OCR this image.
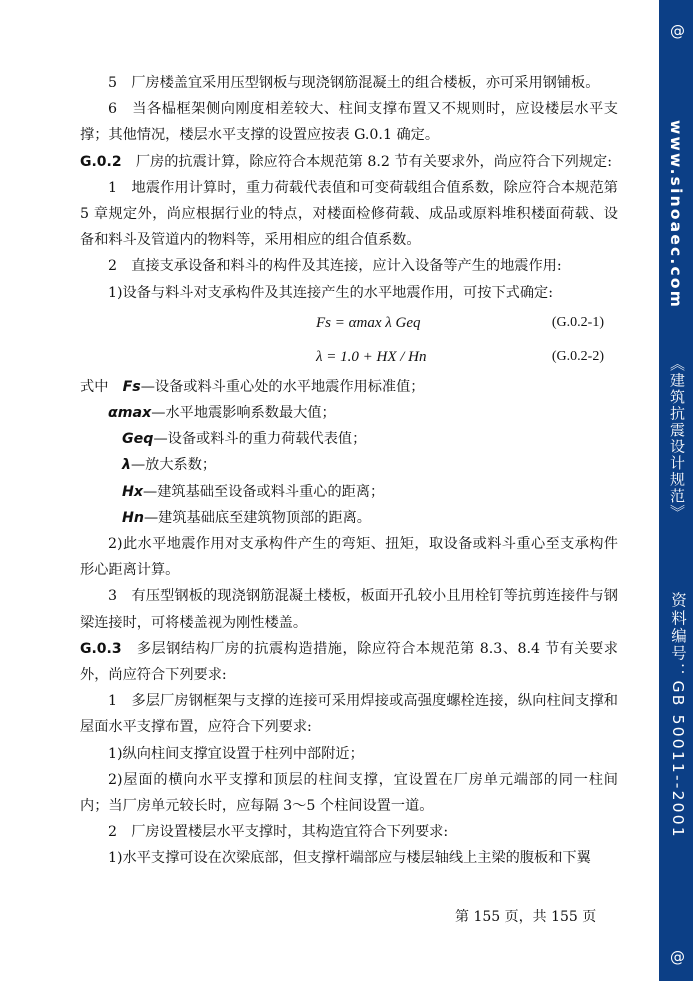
@
www.sinoaec.com
《建筑抗震设计规范》
资料编号：GB 50011--2001
@

5　厂房楼盖宜采用压型钢板与现浇钢筋混凝土的组合楼板，亦可采用钢铺板。

6　当各榀框架侧向刚度相差较大、柱间支撑布置又不规则时，应设楼层水平支撑；其他情况，楼层水平支撑的设置应按表 G.0.1 确定。

G.0.2　厂房的抗震计算，除应符合本规范第 8.2 节有关要求外，尚应符合下列规定:

1　地震作用计算时，重力荷载代表值和可变荷载组合值系数，除应符合本规范第 5 章规定外，尚应根据行业的特点，对楼面检修荷载、成品或原料堆积楼面荷载、设备和料斗及管道内的物料等，采用相应的组合值系数。

2　直接支承设备和料斗的构件及其连接，应计入设备等产生的地震作用:

1)设备与料斗对支承构件及其连接产生的水平地震作用，可按下式确定:

Fs = αmax λ Geq	(G.0.2-1)
λ = 1.0 + HX / Hn	(G.0.2-2)

式中　 Fs—设备或料斗重心处的水平地震作用标准值；

αmax—水平地震影响系数最大值；

Geq—设备或料斗的重力荷载代表值；

λ—放大系数；

Hx—建筑基础至设备或料斗重心的距离；

Hn—建筑基础底至建筑物顶部的距离。

2)此水平地震作用对支承构件产生的弯矩、扭矩，取设备或料斗重心至支承构件形心距离计算。

3　有压型钢板的现浇钢筋混凝土楼板，板面开孔较小且用栓钉等抗剪连接件与钢梁连接时，可将楼盖视为刚性楼盖。

G.0.3　多层钢结构厂房的抗震构造措施，除应符合本规范第 8.3、8.4 节有关要求外，尚应符合下列要求:

1　多层厂房钢框架与支撑的连接可采用焊接或高强度螺栓连接，纵向柱间支撑和屋面水平支撑布置，应符合下列要求:

1)纵向柱间支撑宜设置于柱列中部附近；

2)屋面的横向水平支撑和顶层的柱间支撑，宜设置在厂房单元端部的同一柱间内；当厂房单元较长时，应每隔 3～5 个柱间设置一道。

2　厂房设置楼层水平支撑时，其构造宜符合下列要求:

1)水平支撑可设在次梁底部，但支撑杆端部应与楼层轴线上主梁的腹板和下翼

第 155 页，共 155 页
